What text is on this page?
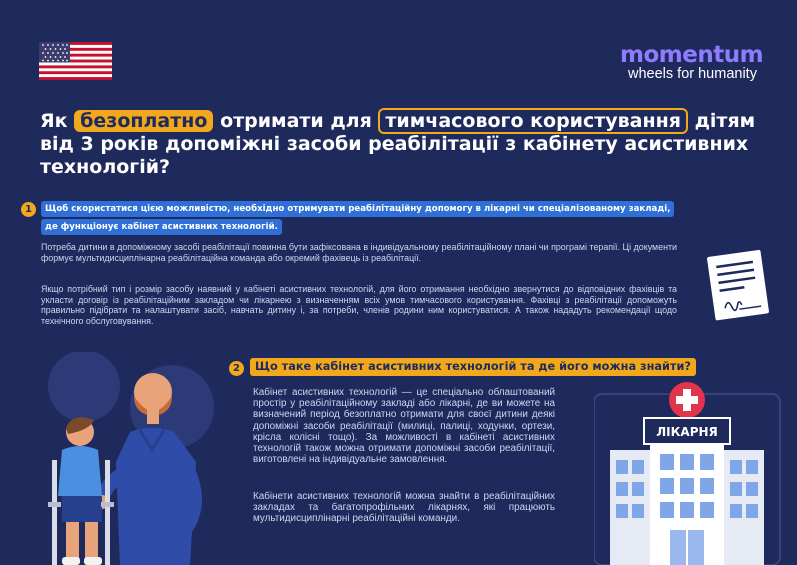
momentum
wheels for humanity
Як безоплатно отримати для тимчасового користування дітям від 3 років допоміжні засоби реабілітації з кабінету асистивних технологій?
1	Щоб скористатися цією можливістю, необхідно отримувати реабілітаційну допомогу в лікарні чи спеціалізованому закладі,
де функціонує кабінет асистивних технологій.
Потреба дитини в допоміжному засобі реабілітації повинна бути зафіксована в індивідуальному реабілітаційному плані чи програмі терапії. Ці документи формує мультидисциплінарна реабілітаційна команда або окремий фахівець із реабілітації.
Якщо потрібний тип і розмір засобу наявний у кабінеті асистивних технологій, для його отримання необхідно звернутися до відповідних фахівців та укласти договір із реабілітаційним закладом чи лікарнею з визначенням всіх умов тимчасового користування. Фахівці з реабілітації допоможуть правильно підібрати та налаштувати засіб, навчать дитину і, за потреби, членів родини ним користуватися. А також нададуть рекомендації щодо технічного обслуговування.
2	Що таке кабінет асистивних технологій та де його можна знайти?
Кабінет асистивних технологій — це спеціально облаштований простір у реабілітаційному закладі або лікарні, де ви можете на визначений період безоплатно отримати для своєї дитини деякі допоміжні засоби реабілітації (милиці, палиці, ходунки, ортези, крісла колісні тощо). За можливості в кабінеті асистивних технологій також можна отримати допоміжні засоби реабілітації, виготовлені на індивідуальне замовлення.
Кабінети асистивних технологій можна знайти в реабілітаційних закладах та багатопрофільних лікарнях, які працюють мультидисциплінарні реабілітаційні команди.
ЛІКАРНЯ
